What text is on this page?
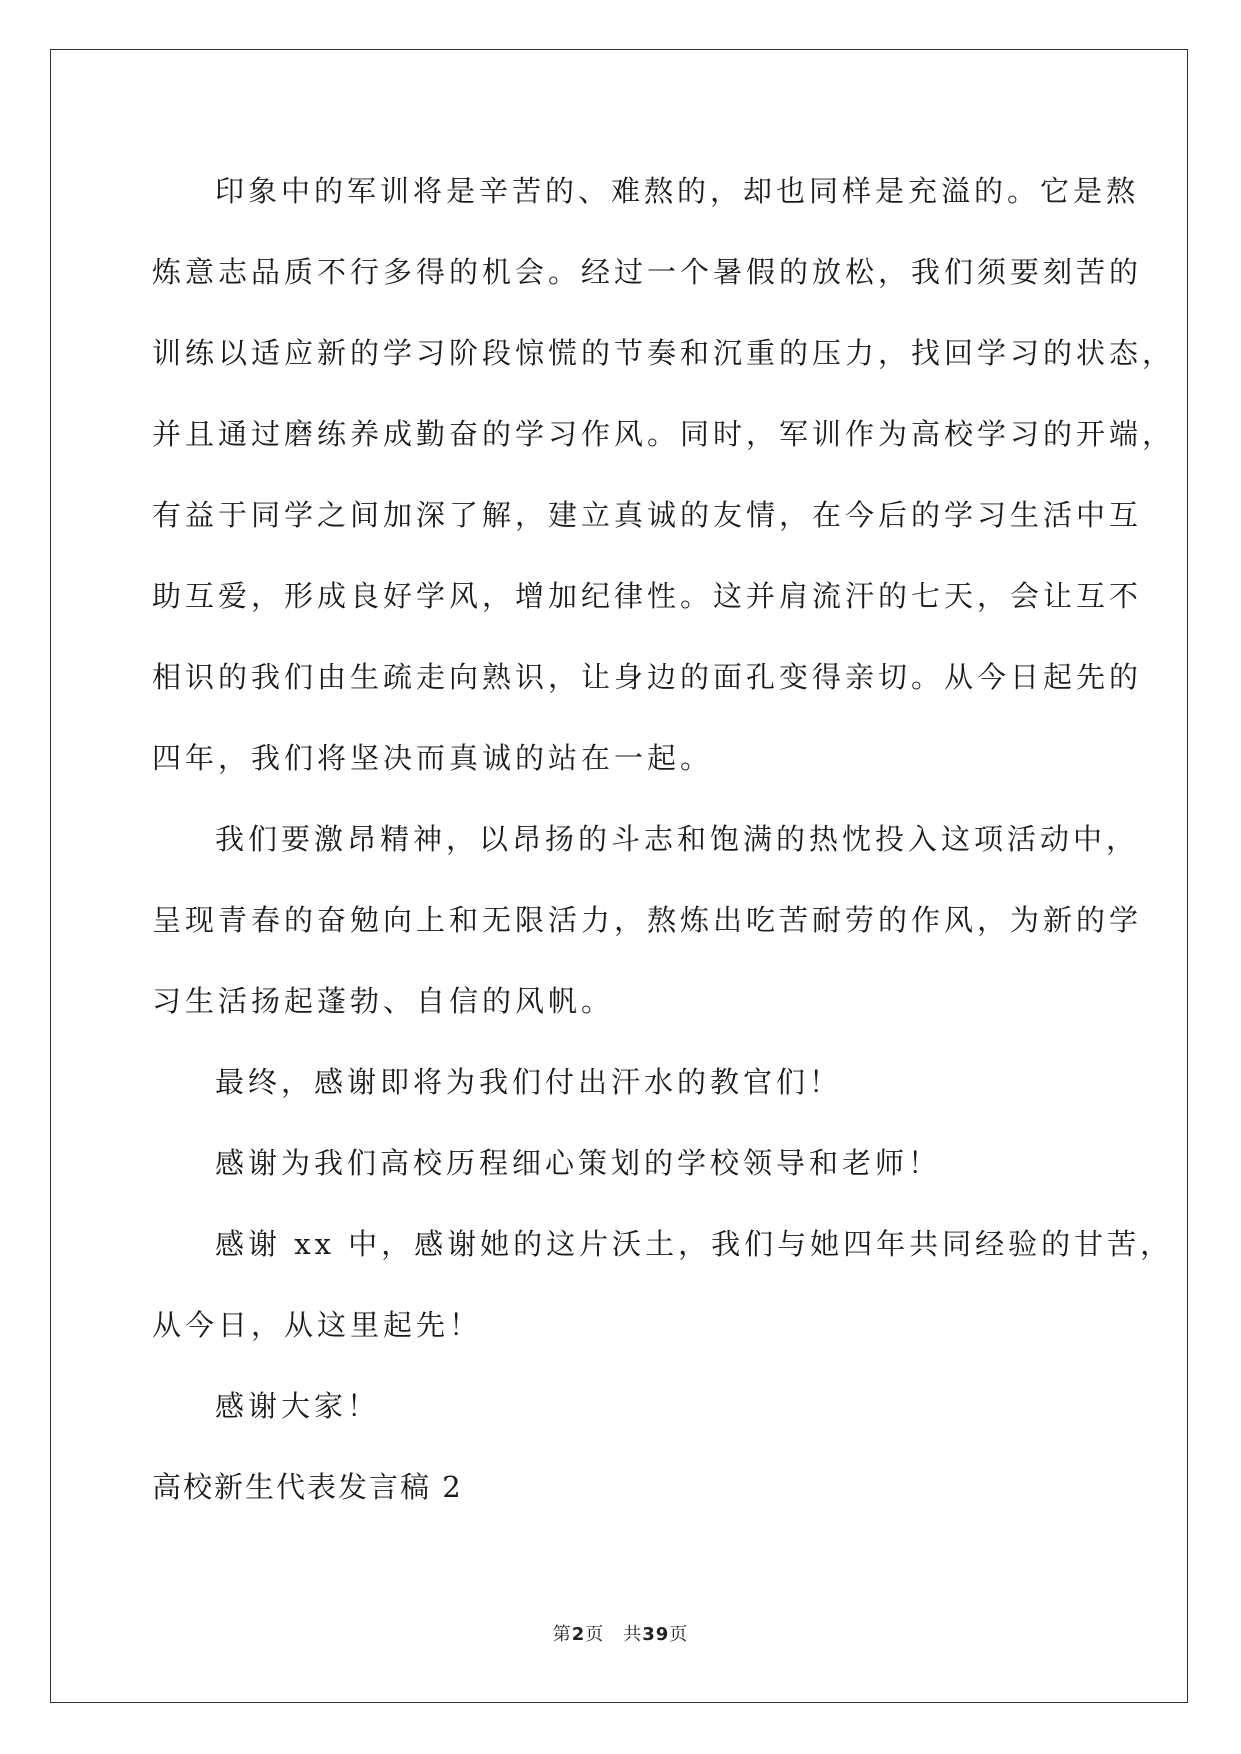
印象中的军训将是辛苦的、难熬的，却也同样是充溢的。它是熬
炼意志品质不行多得的机会。经过一个暑假的放松，我们须要刻苦的
训练以适应新的学习阶段惊慌的节奏和沉重的压力，找回学习的状态，
并且通过磨练养成勤奋的学习作风。同时，军训作为高校学习的开端，
有益于同学之间加深了解，建立真诚的友情，在今后的学习生活中互
助互爱，形成良好学风，增加纪律性。这并肩流汗的七天，会让互不
相识的我们由生疏走向熟识，让身边的面孔变得亲切。从今日起先的
四年，我们将坚决而真诚的站在一起。
我们要激昂精神，以昂扬的斗志和饱满的热忱投入这项活动中，
呈现青春的奋勉向上和无限活力，熬炼出吃苦耐劳的作风，为新的学
习生活扬起蓬勃、自信的风帆。
最终，感谢即将为我们付出汗水的教官们！
感谢为我们高校历程细心策划的学校领导和老师！
感谢 xx 中，感谢她的这片沃土，我们与她四年共同经验的甘苦，
从今日，从这里起先！
感谢大家！
高校新生代表发言稿 2
第2页　共39页
